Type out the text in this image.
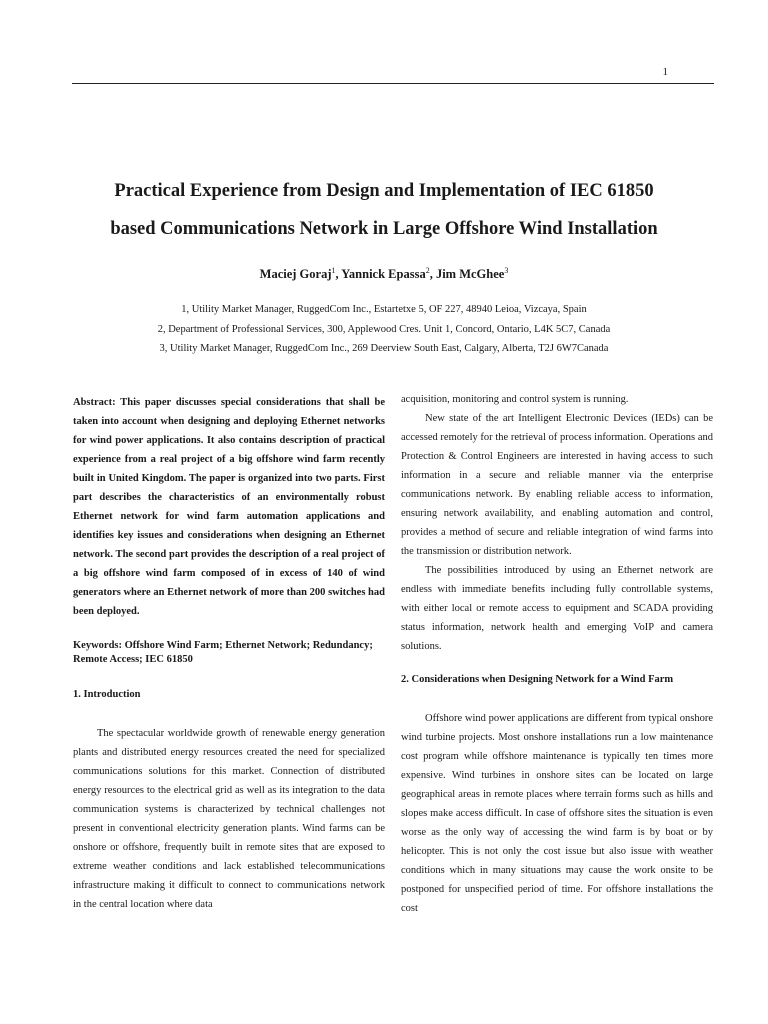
1
Practical Experience from Design and Implementation of IEC 61850
based Communications Network in Large Offshore Wind Installation
Maciej Goraj$^1$, Yannick Epassa$^2$, Jim McGhee$^3$
1, Utility Market Manager, RuggedCom Inc., Estartetxe 5, OF 227, 48940 Leioa, Vizcaya, Spain
2, Department of Professional Services, 300, Applewood Cres. Unit 1, Concord, Ontario, L4K 5C7, Canada
3, Utility Market Manager, RuggedCom Inc., 269 Deerview South East, Calgary, Alberta, T2J 6W7Canada

Abstract: This paper discusses special considerations that shall be taken into account when designing and deploying Ethernet networks for wind power applications. It also contains description of practical experience from a real project of a big offshore wind farm recently built in United Kingdom. The paper is organized into two parts. First part describes the characteristics of an environmentally robust Ethernet network for wind farm automation applications and identifies key issues and considerations when designing an Ethernet network. The second part provides the description of a real project of a big offshore wind farm composed of in excess of 140 of wind generators where an Ethernet network of more than 200 switches had been deployed.

Keywords: Offshore Wind Farm; Ethernet Network; Redundancy; Remote Access; IEC 61850

1. Introduction

The spectacular worldwide growth of renewable energy generation plants and distributed energy resources created the need for specialized communications solutions for this market. Connection of distributed energy resources to the electrical grid as well as its integration to the data communication systems is characterized by technical challenges not present in conventional electricity generation plants. Wind farms can be onshore or offshore, frequently built in remote sites that are exposed to extreme weather conditions and lack established telecommunications infrastructure making it difficult to connect to communications network in the central location where data

acquisition, monitoring and control system is running.

New state of the art Intelligent Electronic Devices (IEDs) can be accessed remotely for the retrieval of process information. Operations and Protection & Control Engineers are interested in having access to such information in a secure and reliable manner via the enterprise communications network. By enabling reliable access to information, ensuring network availability, and enabling automation and control, provides a method of secure and reliable integration of wind farms into the transmission or distribution network.

The possibilities introduced by using an Ethernet network are endless with immediate benefits including fully controllable systems, with either local or remote access to equipment and SCADA providing status information, network health and emerging VoIP and camera solutions.

2. Considerations when Designing Network for a Wind Farm

Offshore wind power applications are different from typical onshore wind turbine projects. Most onshore installations run a low maintenance cost program while offshore maintenance is typically ten times more expensive. Wind turbines in onshore sites can be located on large geographical areas in remote places where terrain forms such as hills and slopes make access difficult. In case of offshore sites the situation is even worse as the only way of accessing the wind farm is by boat or by helicopter. This is not only the cost issue but also issue with weather conditions which in many situations may cause the work onsite to be postponed for unspecified period of time. For offshore installations the cost
